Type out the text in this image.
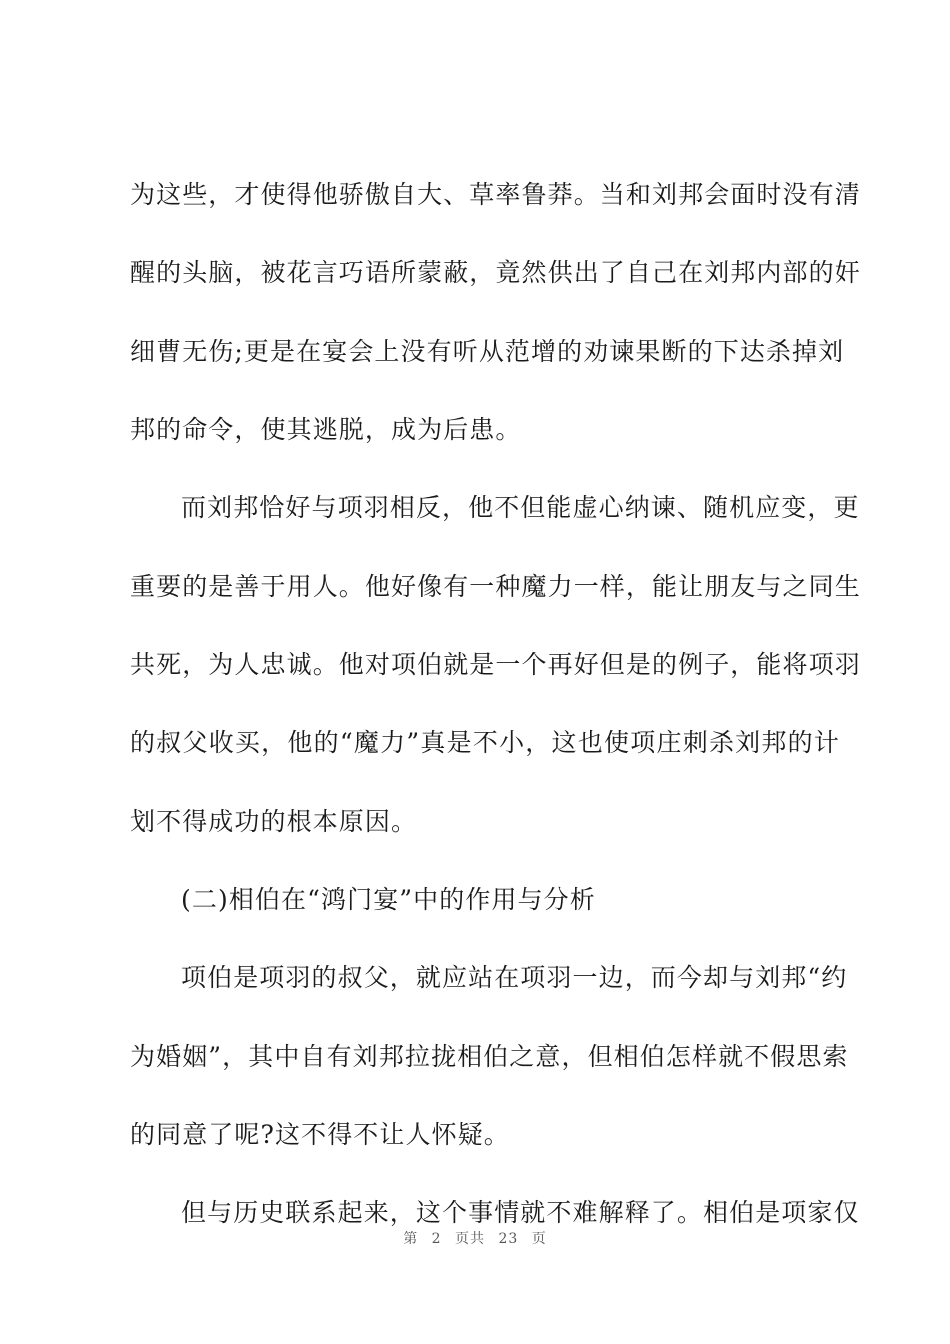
为这些，才使得他骄傲自大、草率鲁莽。当和刘邦会面时没有清
醒的头脑，被花言巧语所蒙蔽，竟然供出了自己在刘邦内部的奸
细曹无伤;更是在宴会上没有听从范增的劝谏果断的下达杀掉刘
邦的命令，使其逃脱，成为后患。
而刘邦恰好与项羽相反，他不但能虚心纳谏、随机应变，更
重要的是善于用人。他好像有一种魔力一样，能让朋友与之同生
共死，为人忠诚。他对项伯就是一个再好但是的例子，能将项羽
的叔父收买，他的“魔力”真是不小，这也使项庄刺杀刘邦的计
划不得成功的根本原因。
(二)相伯在“鸿门宴”中的作用与分析
项伯是项羽的叔父，就应站在项羽一边，而今却与刘邦“约
为婚姻”，其中自有刘邦拉拢相伯之意，但相伯怎样就不假思索
的同意了呢?这不得不让人怀疑。
但与历史联系起来，这个事情就不难解释了。相伯是项家仅
第 2 页共 23 页
